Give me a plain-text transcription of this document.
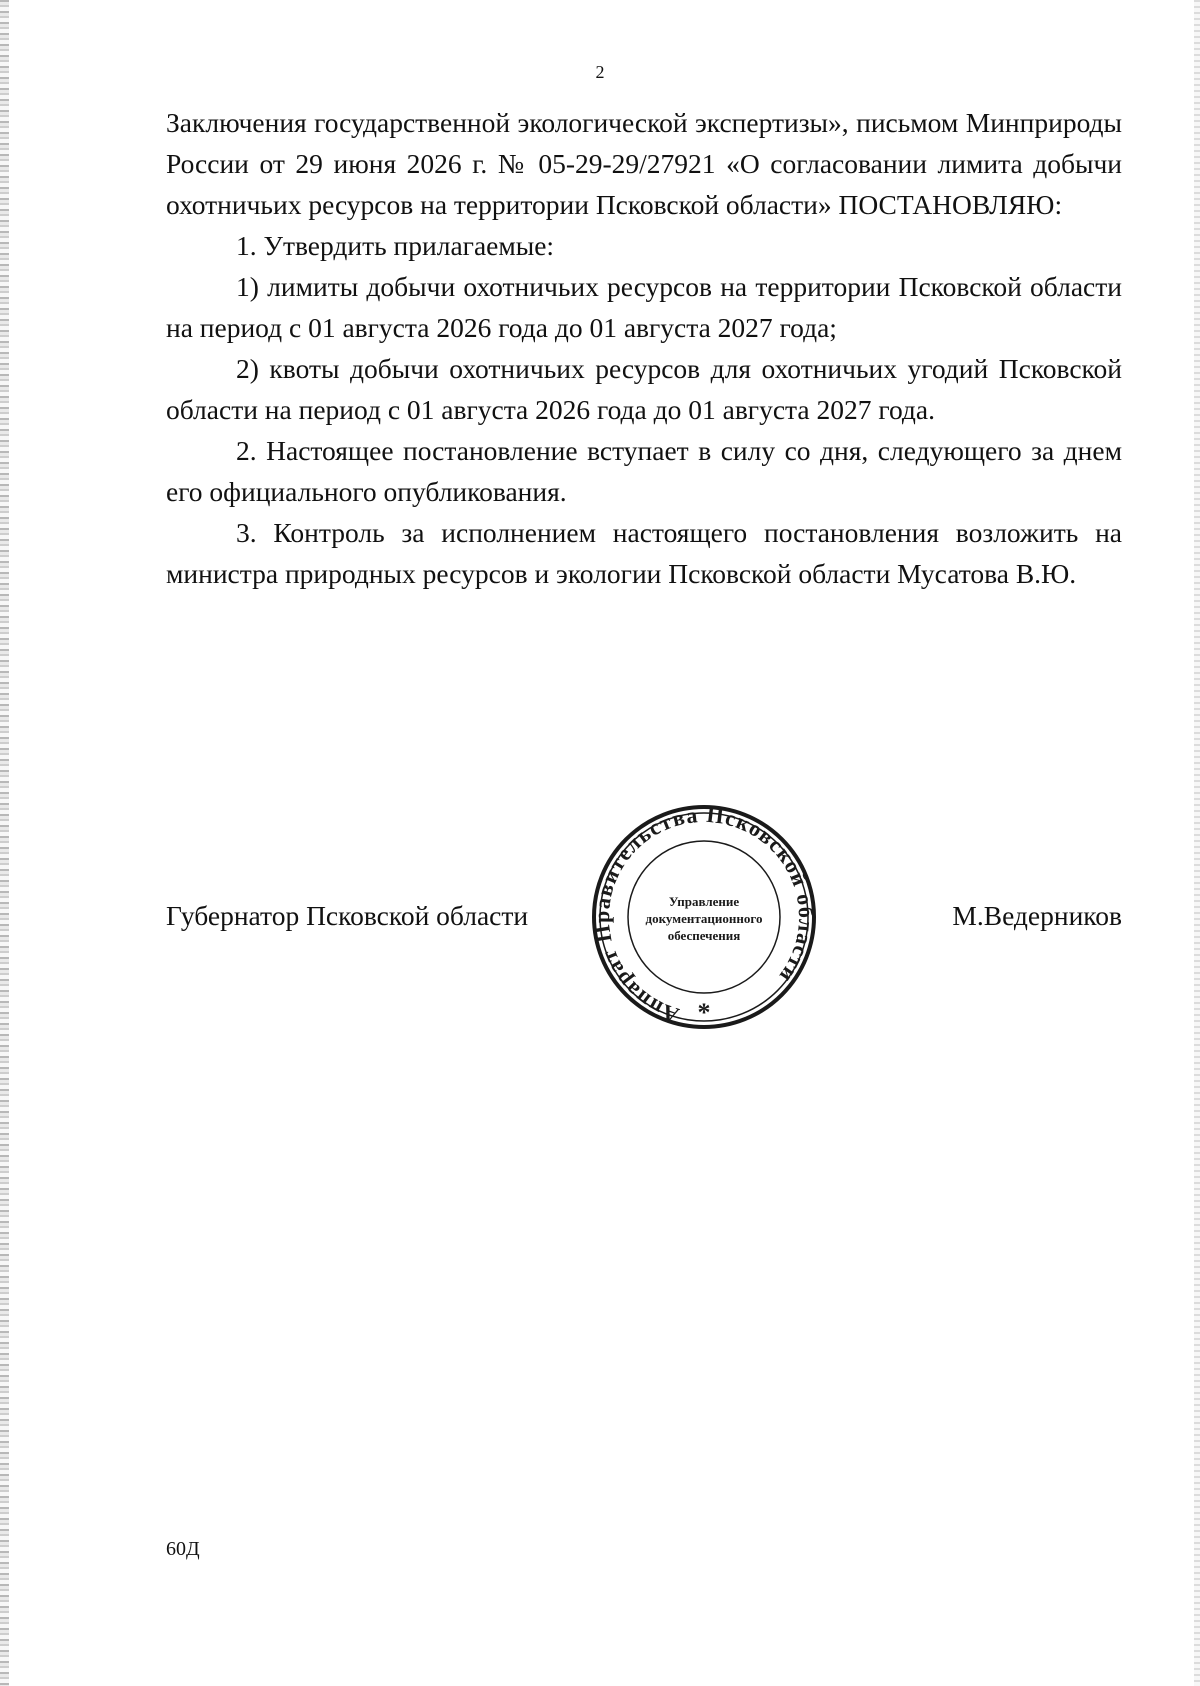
2

Заключения государственной экологической экспертизы», письмом Минприроды России от 29 июня 2026 г. № 05-29-29/27921 «О согласовании лимита добычи охотничьих ресурсов на территории Псковской области» ПОСТАНОВЛЯЮ:

1. Утвердить прилагаемые:

1) лимиты добычи охотничьих ресурсов на территории Псковской области на период с 01 августа 2026 года до 01 августа 2027 года;

2) квоты добычи охотничьих ресурсов для охотничьих угодий Псковской области на период с 01 августа 2026 года до 01 августа 2027 года.

2. Настоящее постановление вступает в силу со дня, следующего за днем его официального опубликования.

3. Контроль за исполнением настоящего постановления возложить на министра природных ресурсов и экологии Псковской области Мусатова В.Ю.

Губернатор Псковской области	М.Ведерников
Аппарат Правительства Псковской области
Управление
документационного
обеспечения
*
60Д
